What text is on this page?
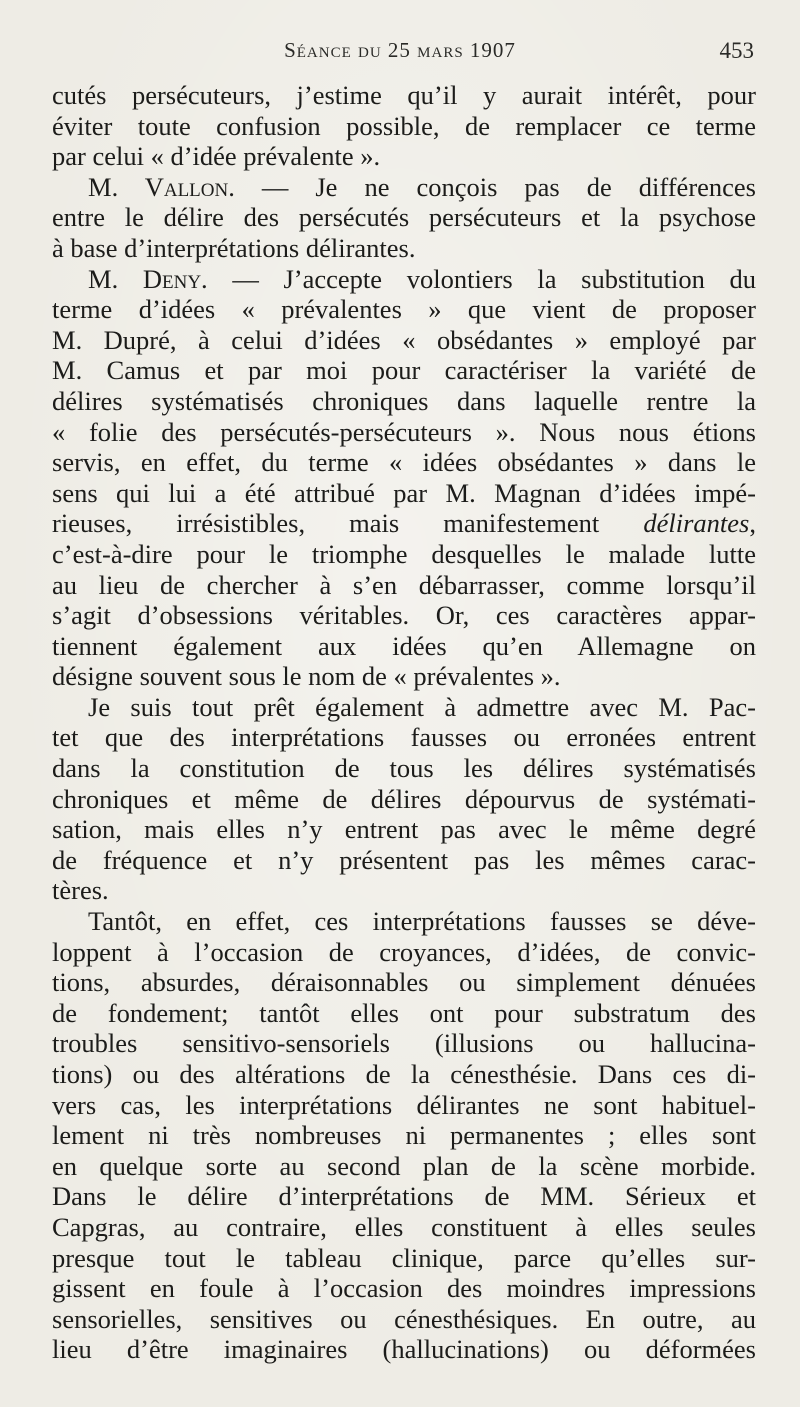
Séance du 25 mars 1907	453
cutés persécuteurs, j’estime qu’il y aurait intérêt, pour
éviter toute confusion possible, de remplacer ce terme
par celui « d’idée prévalente ».
M. Vallon. — Je ne conçois pas de différences
entre le délire des persécutés persécuteurs et la psychose
à base d’interprétations délirantes.
M. Deny. — J’accepte volontiers la substitution du
terme d’idées « prévalentes » que vient de proposer
M. Dupré, à celui d’idées « obsédantes » employé par
M. Camus et par moi pour caractériser la variété de
délires systématisés chroniques dans laquelle rentre la
« folie des persécutés-persécuteurs ». Nous nous étions
servis, en effet, du terme « idées obsédantes » dans le
sens qui lui a été attribué par M. Magnan d’idées impé-
rieuses, irrésistibles, mais manifestement délirantes,
c’est-à-dire pour le triomphe desquelles le malade lutte
au lieu de chercher à s’en débarrasser, comme lorsqu’il
s’agit d’obsessions véritables. Or, ces caractères appar-
tiennent également aux idées qu’en Allemagne on
désigne souvent sous le nom de « prévalentes ».
Je suis tout prêt également à admettre avec M. Pac-
tet que des interprétations fausses ou erronées entrent
dans la constitution de tous les délires systématisés
chroniques et même de délires dépourvus de systémati-
sation, mais elles n’y entrent pas avec le même degré
de fréquence et n’y présentent pas les mêmes carac-
tères.
Tantôt, en effet, ces interprétations fausses se déve-
loppent à l’occasion de croyances, d’idées, de convic-
tions, absurdes, déraisonnables ou simplement dénuées
de fondement; tantôt elles ont pour substratum des
troubles sensitivo-sensoriels (illusions ou hallucina-
tions) ou des altérations de la cénesthésie. Dans ces di-
vers cas, les interprétations délirantes ne sont habituel-
lement ni très nombreuses ni permanentes ; elles sont
en quelque sorte au second plan de la scène morbide.
Dans le délire d’interprétations de MM. Sérieux et
Capgras, au contraire, elles constituent à elles seules
presque tout le tableau clinique, parce qu’elles sur-
gissent en foule à l’occasion des moindres impressions
sensorielles, sensitives ou cénesthésiques. En outre, au
lieu d’être imaginaires (hallucinations) ou déformées
